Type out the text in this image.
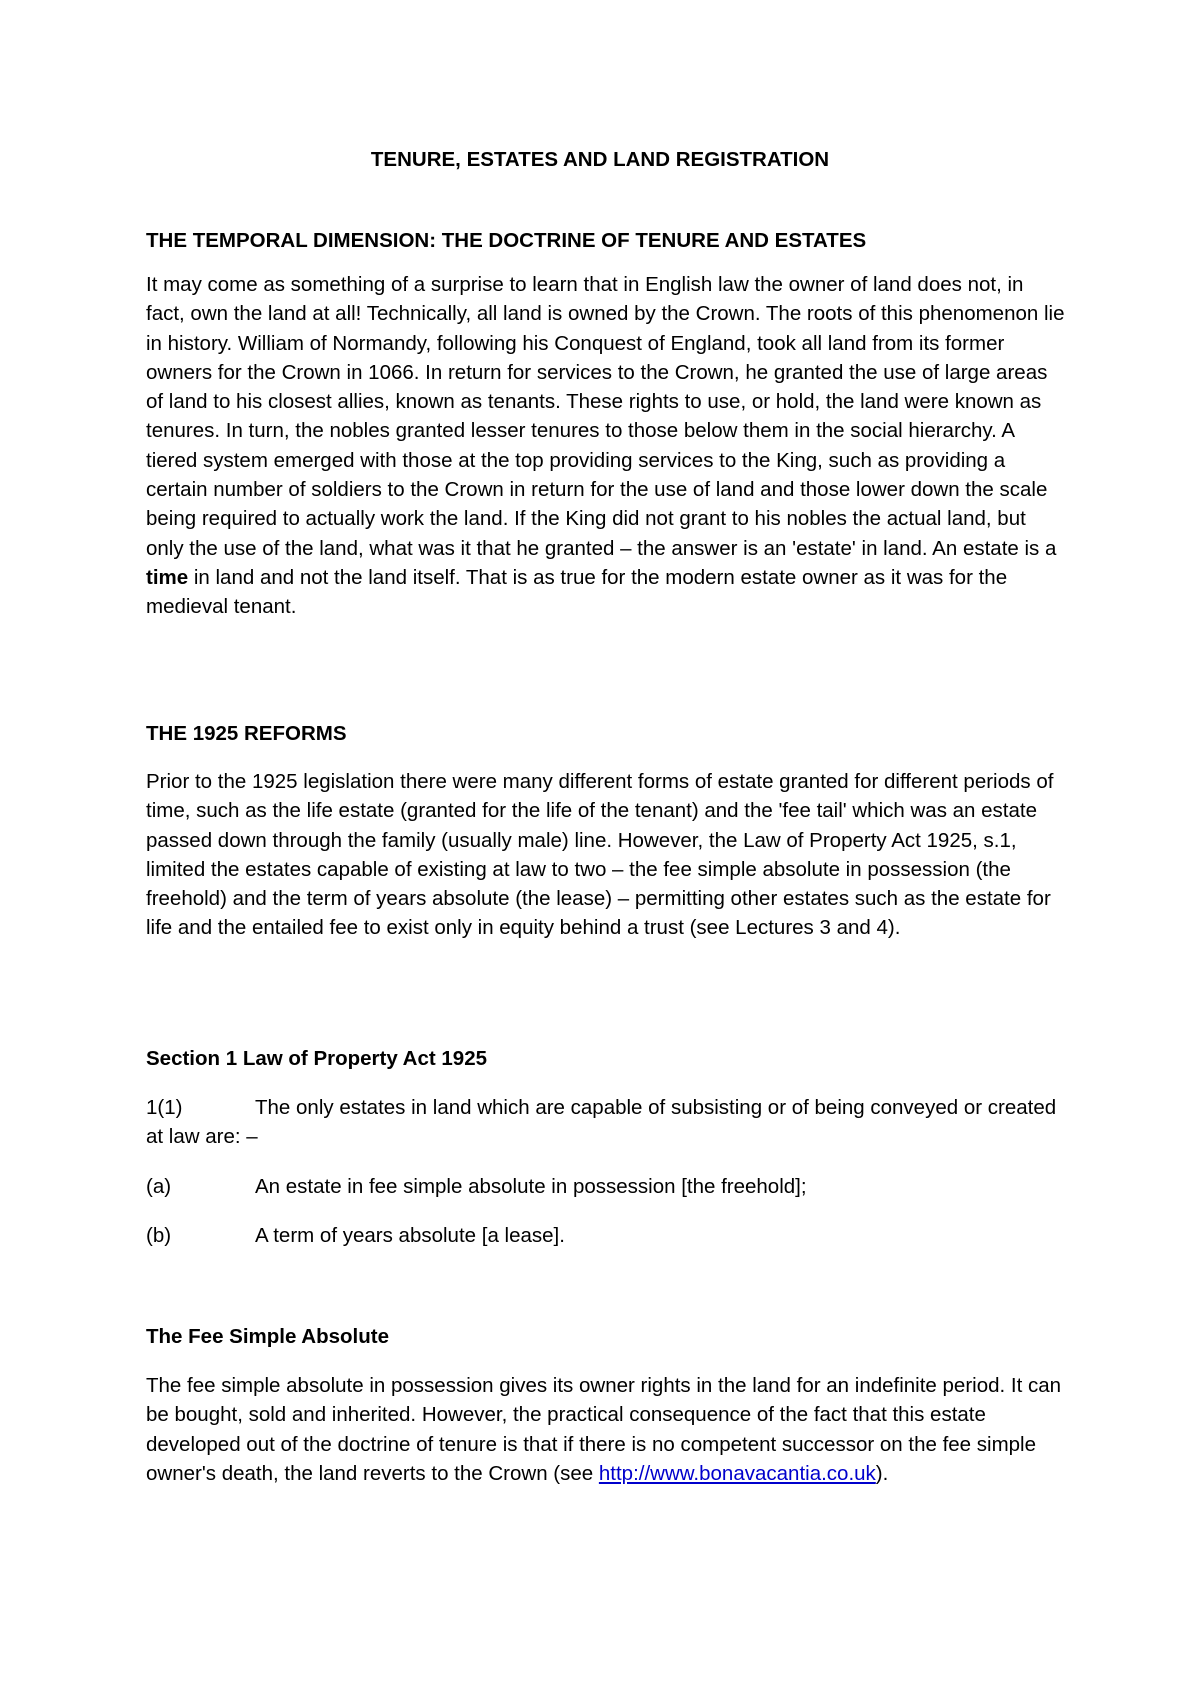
TENURE, ESTATES AND LAND REGISTRATION

THE TEMPORAL DIMENSION: THE DOCTRINE OF TENURE AND ESTATES

It may come as something of a surprise to learn that in English law the owner of land does not, in fact, own the land at all! Technically, all land is owned by the Crown. The roots of this phenomenon lie in history. William of Normandy, following his Conquest of England, took all land from its former owners for the Crown in 1066. In return for services to the Crown, he granted the use of large areas of land to his closest allies, known as tenants. These rights to use, or hold, the land were known as tenures. In turn, the nobles granted lesser tenures to those below them in the social hierarchy. A tiered system emerged with those at the top providing services to the King, such as providing a certain number of soldiers to the Crown in return for the use of land and those lower down the scale being required to actually work the land. If the King did not grant to his nobles the actual land, but only the use of the land, what was it that he granted – the answer is an 'estate' in land. An estate is a time in land and not the land itself. That is as true for the modern estate owner as it was for the medieval tenant.

THE 1925 REFORMS

Prior to the 1925 legislation there were many different forms of estate granted for different periods of time, such as the life estate (granted for the life of the tenant) and the 'fee tail' which was an estate passed down through the family (usually male) line. However, the Law of Property Act 1925, s.1, limited the estates capable of existing at law to two – the fee simple absolute in possession (the freehold) and the term of years absolute (the lease) – permitting other estates such as the estate for life and the entailed fee to exist only in equity behind a trust (see Lectures 3 and 4).

Section 1 Law of Property Act 1925

1(1)	The only estates in land which are capable of subsisting or of being conveyed or created at law are: –

(a)	An estate in fee simple absolute in possession [the freehold];

(b)	A term of years absolute [a lease].

The Fee Simple Absolute

The fee simple absolute in possession gives its owner rights in the land for an indefinite period. It can be bought, sold and inherited. However, the practical consequence of the fact that this estate developed out of the doctrine of tenure is that if there is no competent successor on the fee simple owner's death, the land reverts to the Crown (see http://www.bonavacantia.co.uk).
